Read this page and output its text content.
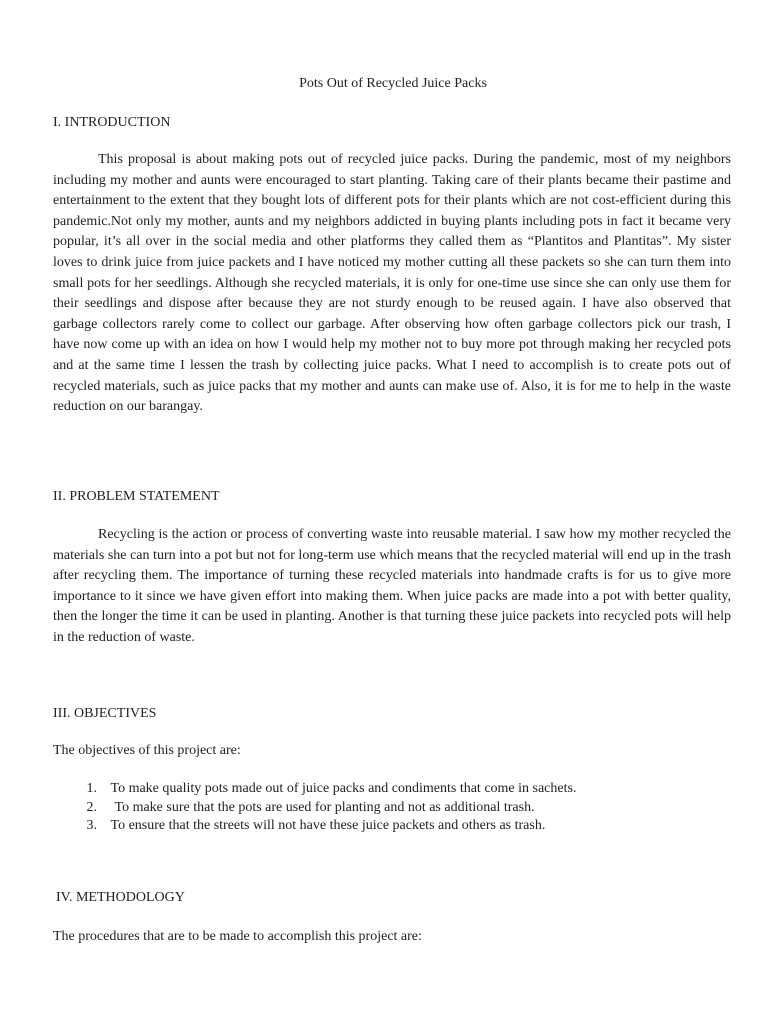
Pots Out of Recycled Juice Packs
I. INTRODUCTION

This proposal is about making pots out of recycled juice packs. During the pandemic, most of my neighbors including my mother and aunts were encouraged to start planting. Taking care of their plants became their pastime and entertainment to the extent that they bought lots of different pots for their plants which are not cost-efficient during this pandemic.Not only my mother, aunts and my neighbors addicted in buying plants including pots in fact it became very popular, it’s all over in the social media and other platforms they called them as “Plantitos and Plantitas”. My sister loves to drink juice from juice packets and I have noticed my mother cutting all these packets so she can turn them into small pots for her seedlings. Although she recycled materials, it is only for one-time use since she can only use them for their seedlings and dispose after because they are not sturdy enough to be reused again. I have also observed that garbage collectors rarely come to collect our garbage. After observing how often garbage collectors pick our trash, I have now come up with an idea on how I would help my mother not to buy more pot through making her recycled pots and at the same time I lessen the trash by collecting juice packs. What I need to accomplish is to create pots out of recycled materials, such as juice packs that my mother and aunts can make use of. Also, it is for me to help in the waste reduction on our barangay.

II. PROBLEM STATEMENT

Recycling is the action or process of converting waste into reusable material. I saw how my mother recycled the materials she can turn into a pot but not for long-term use which means that the recycled material will end up in the trash after recycling them. The importance of turning these recycled materials into handmade crafts is for us to give more importance to it since we have given effort into making them. When juice packs are made into a pot with better quality, then the longer the time it can be used in planting. Another is that turning these juice packets into recycled pots will help in the reduction of waste.

III. OBJECTIVES
The objectives of this project are:
1. To make quality pots made out of juice packs and condiments that come in sachets.
2. To make sure that the pots are used for planting and not as additional trash.
3. To ensure that the streets will not have these juice packets and others as trash.
IV. METHODOLOGY
The procedures that are to be made to accomplish this project are:
